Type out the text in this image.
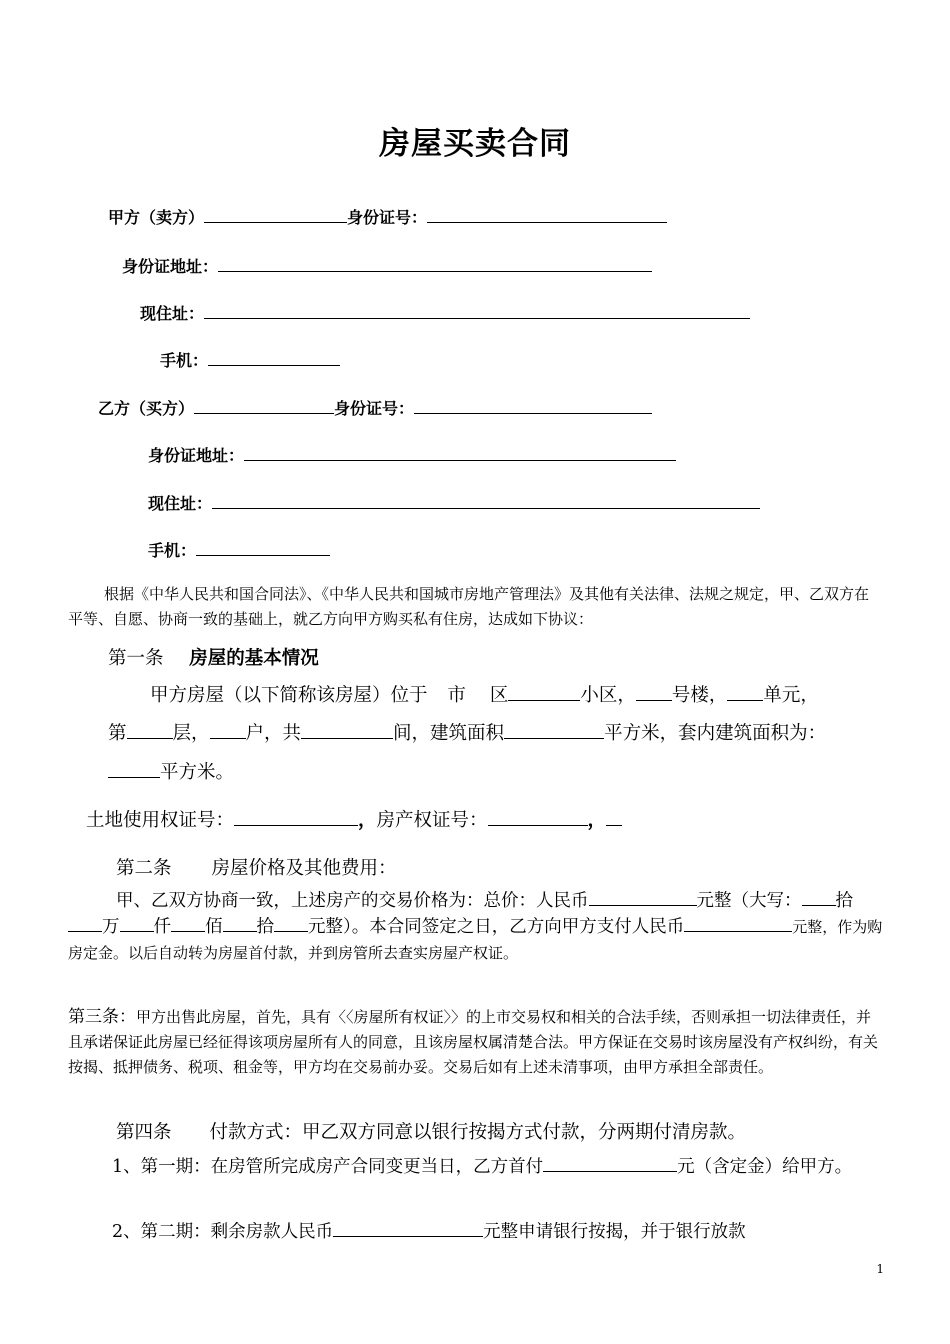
房屋买卖合同
甲方（卖方）	身份证号：
身份证地址：
现住址：
手机：
乙方（买方）	身份证号：
身份证地址：
现住址：
手机：
根据《中华人民共和国合同法》、《中华人民共和国城市房地产管理法》及其他有关法律、法规之规定，甲、乙双方在平等、自愿、协商一致的基础上，就乙方向甲方购买私有住房，达成如下协议：
第一条 房屋的基本情况
甲方房屋（以下简称该房屋）位于 市 区	小区， 号楼， 单元，
第 层， 户，共	间，建筑面积	平方米，套内建筑面积为：
平方米。
土地使用权证号：	，房产权证号：	，
第二条 房屋价格及其他费用：
甲、乙双方协商一致，上述房产的交易价格为：总价：人民币	元整（大写： 拾万 仟 佰 拾 元整）。本合同签定之日，乙方向甲方支付人民币	元整，作为购房定金。以后自动转为房屋首付款，并到房管所去查实房屋产权证。
第三条：甲方出售此房屋，首先，具有〈〈房屋所有权证〉〉的上市交易权和相关的合法手续，否则承担一切法律责任，并且承诺保证此房屋已经征得该项房屋所有人的同意，且该房屋权属清楚合法。甲方保证在交易时该房屋没有产权纠纷，有关按揭、抵押债务、税项、租金等，甲方均在交易前办妥。交易后如有上述未清事项，由甲方承担全部责任。
第四条 付款方式：甲乙双方同意以银行按揭方式付款，分两期付清房款。
1、第一期：在房管所完成房产合同变更当日，乙方首付	元（含定金）给甲方。
2、第二期：剩余房款人民币	元整申请银行按揭，并于银行放款
1
